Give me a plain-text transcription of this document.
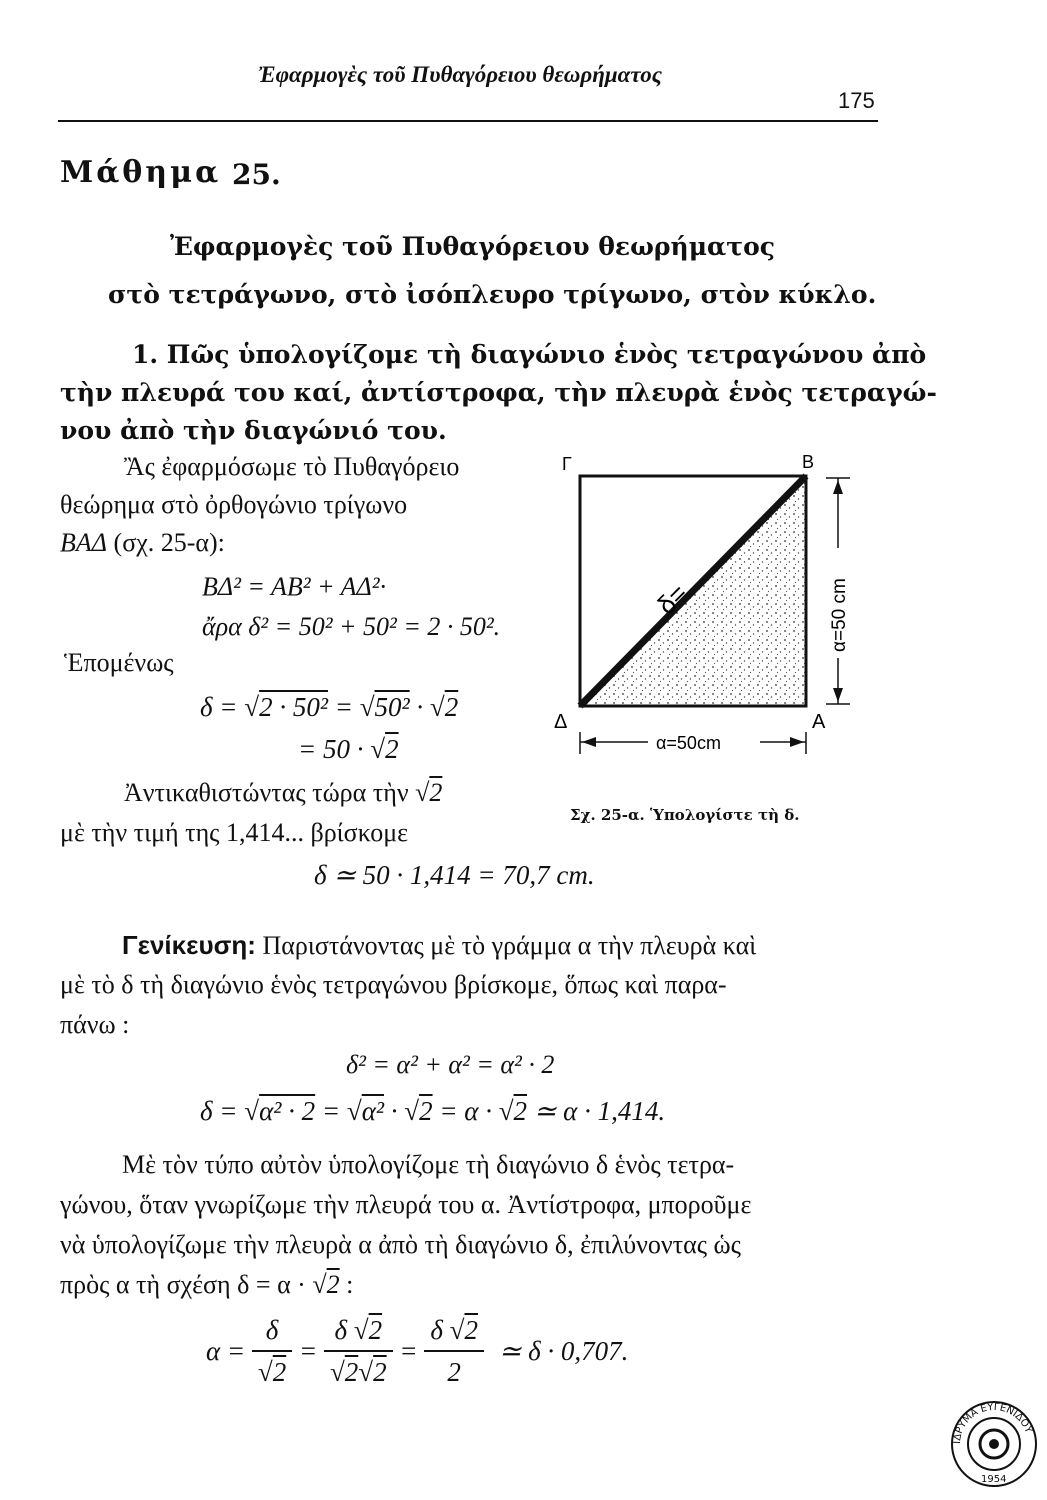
Ἐφαρμογὲς τοῦ Πυθαγόρειου θεωρήματος
175
Μάθημα 25.
Ἐφαρμογὲς τοῦ Πυθαγόρειου θεωρήματος
στὸ τετράγωνο, στὸ ἰσόπλευρο τρίγωνο, στὸν κύκλο.
1. Πῶς ὑπολογίζομε τὴ διαγώνιο ἑνὸς τετραγώνου ἀπὸ
τὴν πλευρά του καί, ἀντίστροφα, τὴν πλευρὰ ἑνὸς τετραγώ-
νου ἀπὸ τὴν διαγώνιό του.
Ἂς ἐφαρμόσωμε τὸ Πυθαγόρειο
θεώρημα στὸ ὀρθογώνιο τρίγωνο
ΒΑΔ (σχ. 25-α):
ΒΔ² = ΑΒ² + ΑΔ²·
ἄρα δ² = 50² + 50² = 2 · 50².
Ἑπομένως
δ = √2 · 50² = √50² · √2
= 50 · √2
Ἀντικαθιστώντας τώρα τὴν √2
μὲ τὴν τιμή της 1,414... βρίσκομε
δ ≃ 50 · 1,414 = 70,7 cm.
Γ	Β
Δ	Α
δ=	α=50 cm
α=50cm
Σχ. 25-α. Ὑπολογίστε τὴ δ.
Γενίκευση: Παριστάνοντας μὲ τὸ γράμμα α τὴν πλευρὰ καὶ
μὲ τὸ δ τὴ διαγώνιο ἑνὸς τετραγώνου βρίσκομε, ὅπως καὶ παρα-
πάνω :
δ² = α² + α² = α² · 2
δ = √α² · 2 = √α² · √2 = α · √2 ≃ α · 1,414.
Μὲ τὸν τύπο αὐτὸν ὑπολογίζομε τὴ διαγώνιο δ ἑνὸς τετρα-
γώνου, ὅταν γνωρίζωμε τὴν πλευρά του α. Ἀντίστροφα, μποροῦμε
νὰ ὑπολογίζωμε τὴν πλευρὰ α ἀπὸ τὴ διαγώνιο δ, ἐπιλύνοντας ὡς
πρὸς α τὴ σχέση δ = α · √2 :
$\alpha = \frac{\delta}{√2} = \frac{\delta √2}{√2√2} = \frac{\delta √2}{2}$ ≃ δ · 0,707.
ΙΔΡΥΜΑ ΕΥΓΕΝΙΔΟΥ
1954
